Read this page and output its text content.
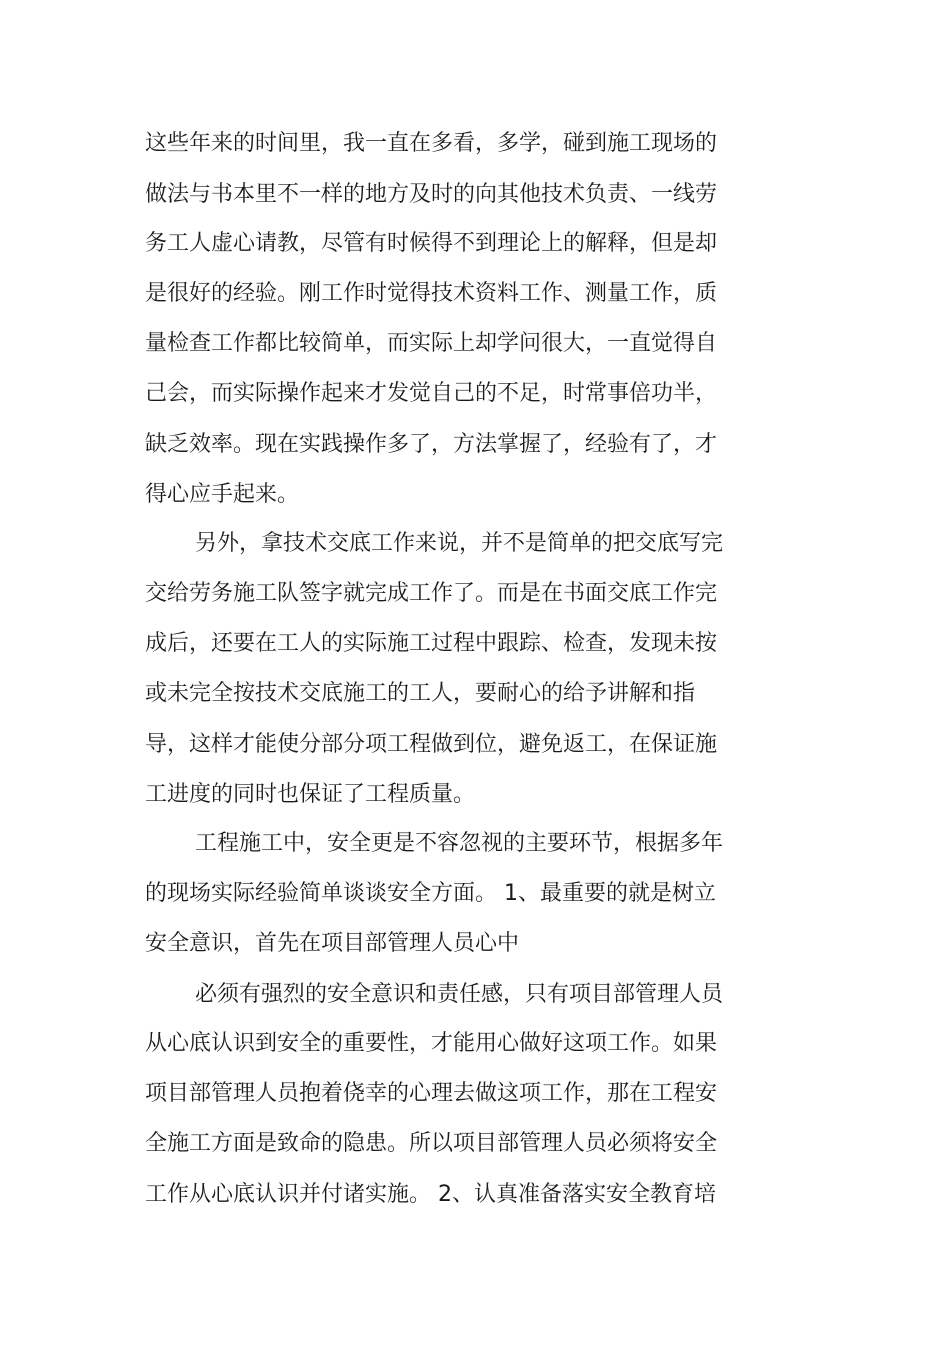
这些年来的时间里，我一直在多看，多学，碰到施工现场的
做法与书本里不一样的地方及时的向其他技术负责、一线劳
务工人虚心请教，尽管有时候得不到理论上的解释，但是却
是很好的经验。刚工作时觉得技术资料工作、测量工作，质
量检查工作都比较简单，而实际上却学问很大，一直觉得自
己会，而实际操作起来才发觉自己的不足，时常事倍功半，
缺乏效率。现在实践操作多了，方法掌握了，经验有了，才
得心应手起来。
另外，拿技术交底工作来说，并不是简单的把交底写完
交给劳务施工队签字就完成工作了。而是在书面交底工作完
成后，还要在工人的实际施工过程中跟踪、检查，发现未按
或未完全按技术交底施工的工人，要耐心的给予讲解和指
导，这样才能使分部分项工程做到位，避免返工，在保证施
工进度的同时也保证了工程质量。
工程施工中，安全更是不容忽视的主要环节，根据多年
的现场实际经验简单谈谈安全方面。 1、最重要的就是树立
安全意识，首先在项目部管理人员心中
必须有强烈的安全意识和责任感，只有项目部管理人员
从心底认识到安全的重要性，才能用心做好这项工作。如果
项目部管理人员抱着侥幸的心理去做这项工作，那在工程安
全施工方面是致命的隐患。所以项目部管理人员必须将安全
工作从心底认识并付诸实施。 2、认真准备落实安全教育培
